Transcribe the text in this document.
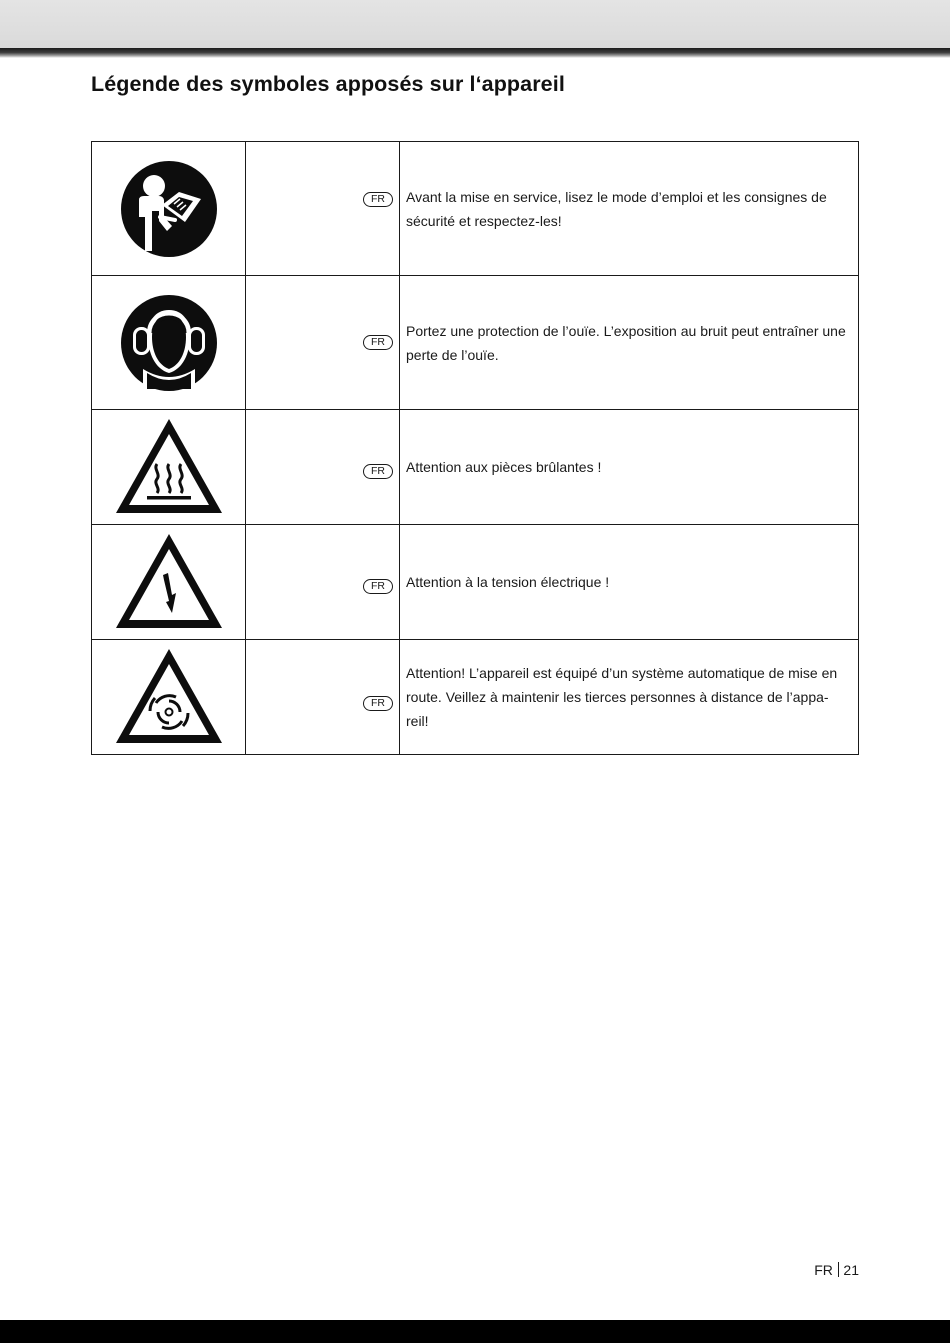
Légende des symboles apposés sur l‘appareil

FR	Avant la mise en service, lisez le mode d’emploi et les consignes de sécurité et respectez-les!

FR	Portez une protection de l’ouïe. L’exposition au bruit peut entraîner une perte de l’ouïe.

FR	Attention aux pièces brûlantes !

FR	Attention à la tension électrique !

FR	Attention! L’appareil est équipé d’un système automatique de mise en route. Veillez à maintenir les tierces personnes à distance de l’appa-reil!
FR 21
